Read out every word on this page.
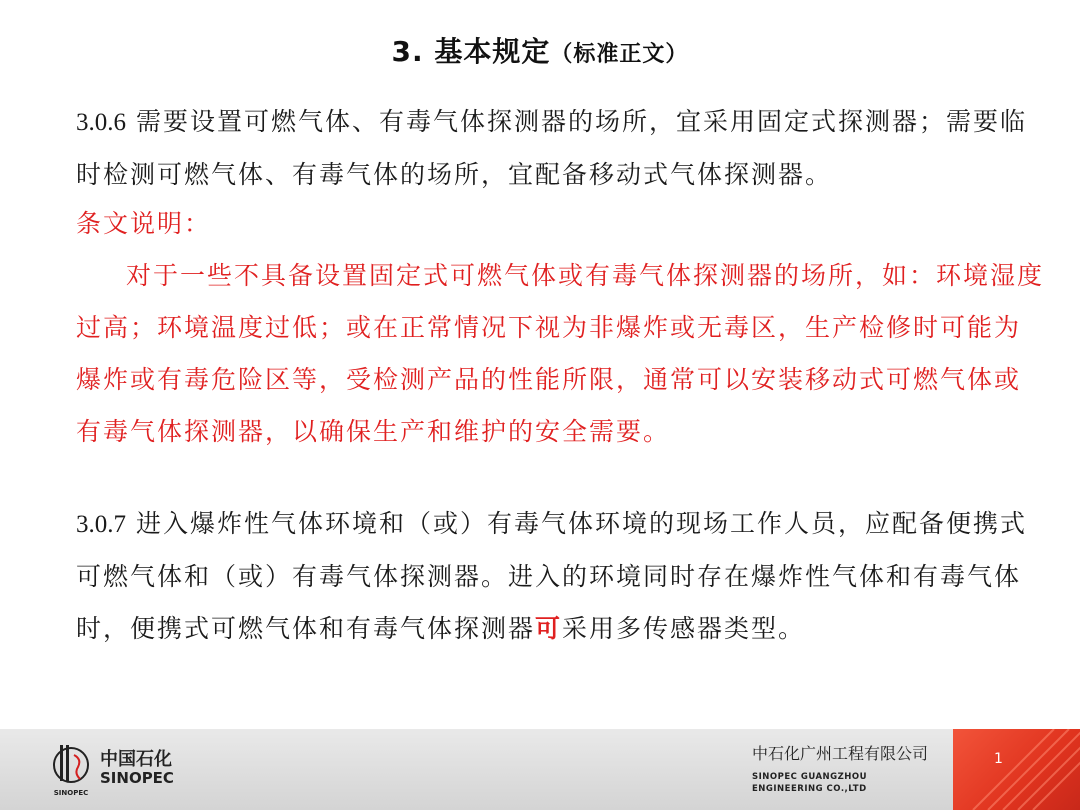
3. 基本规定（标准正文）
3.0.6 需要设置可燃气体、有毒气体探测器的场所，宜采用固定式探测器；需要临时检测可燃气体、有毒气体的场所，宜配备移动式气体探测器。
条文说明：
对于一些不具备设置固定式可燃气体或有毒气体探测器的场所，如：环境湿度过高；环境温度过低；或在正常情况下视为非爆炸或无毒区，生产检修时可能为爆炸或有毒危险区等，受检测产品的性能所限，通常可以安装移动式可燃气体或有毒气体探测器，以确保生产和维护的安全需要。
3.0.7 进入爆炸性气体环境和（或）有毒气体环境的现场工作人员，应配备便携式可燃气体和（或）有毒气体探测器。进入的环境同时存在爆炸性气体和有毒气体时，便携式可燃气体和有毒气体探测器可采用多传感器类型。
SINOPEC
中国石化
SINOPEC
中石化广州工程有限公司
SINOPEC GUANGZHOU ENGINEERING CO.,LTD
1
